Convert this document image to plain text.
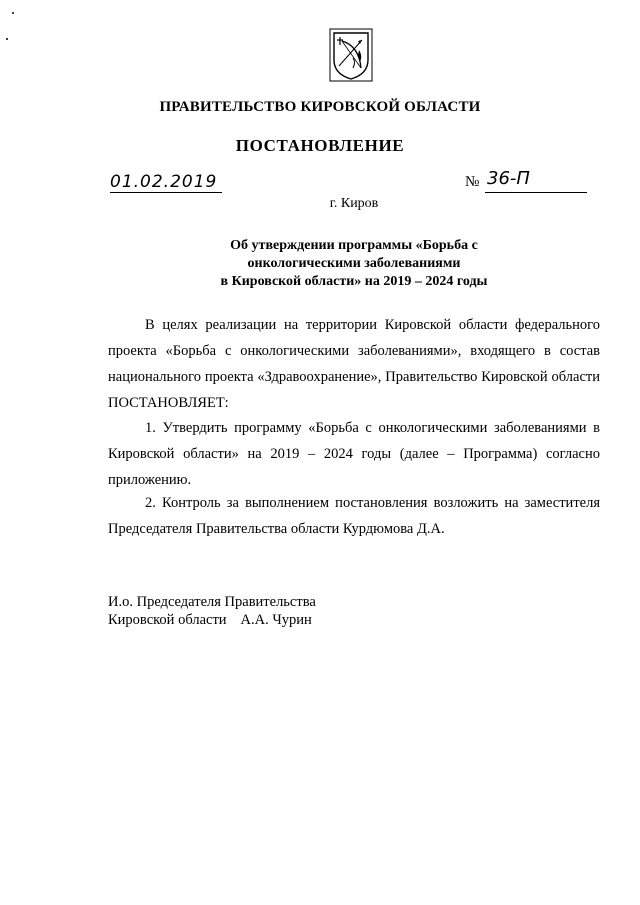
ПРАВИТЕЛЬСТВО КИРОВСКОЙ ОБЛАСТИ
ПОСТАНОВЛЕНИЕ
01.02.2019	№ 36-П
г. Киров
Об утверждении программы «Борьба с
онкологическими заболеваниями
в Кировской области» на 2019 – 2024 годы
В целях реализации на территории Кировской области федерального проекта «Борьба с онкологическими заболеваниями», входящего в состав национального проекта «Здравоохранение», Правительство Кировской области ПОСТАНОВЛЯЕТ:
1. Утвердить программу «Борьба с онкологическими заболеваниями в Кировской области» на 2019 – 2024 годы (далее – Программа) согласно приложению.
2. Контроль за выполнением постановления возложить на заместителя Председателя Правительства области Курдюмова Д.А.
И.о. Председателя Правительства
Кировской области А.А. Чурин
